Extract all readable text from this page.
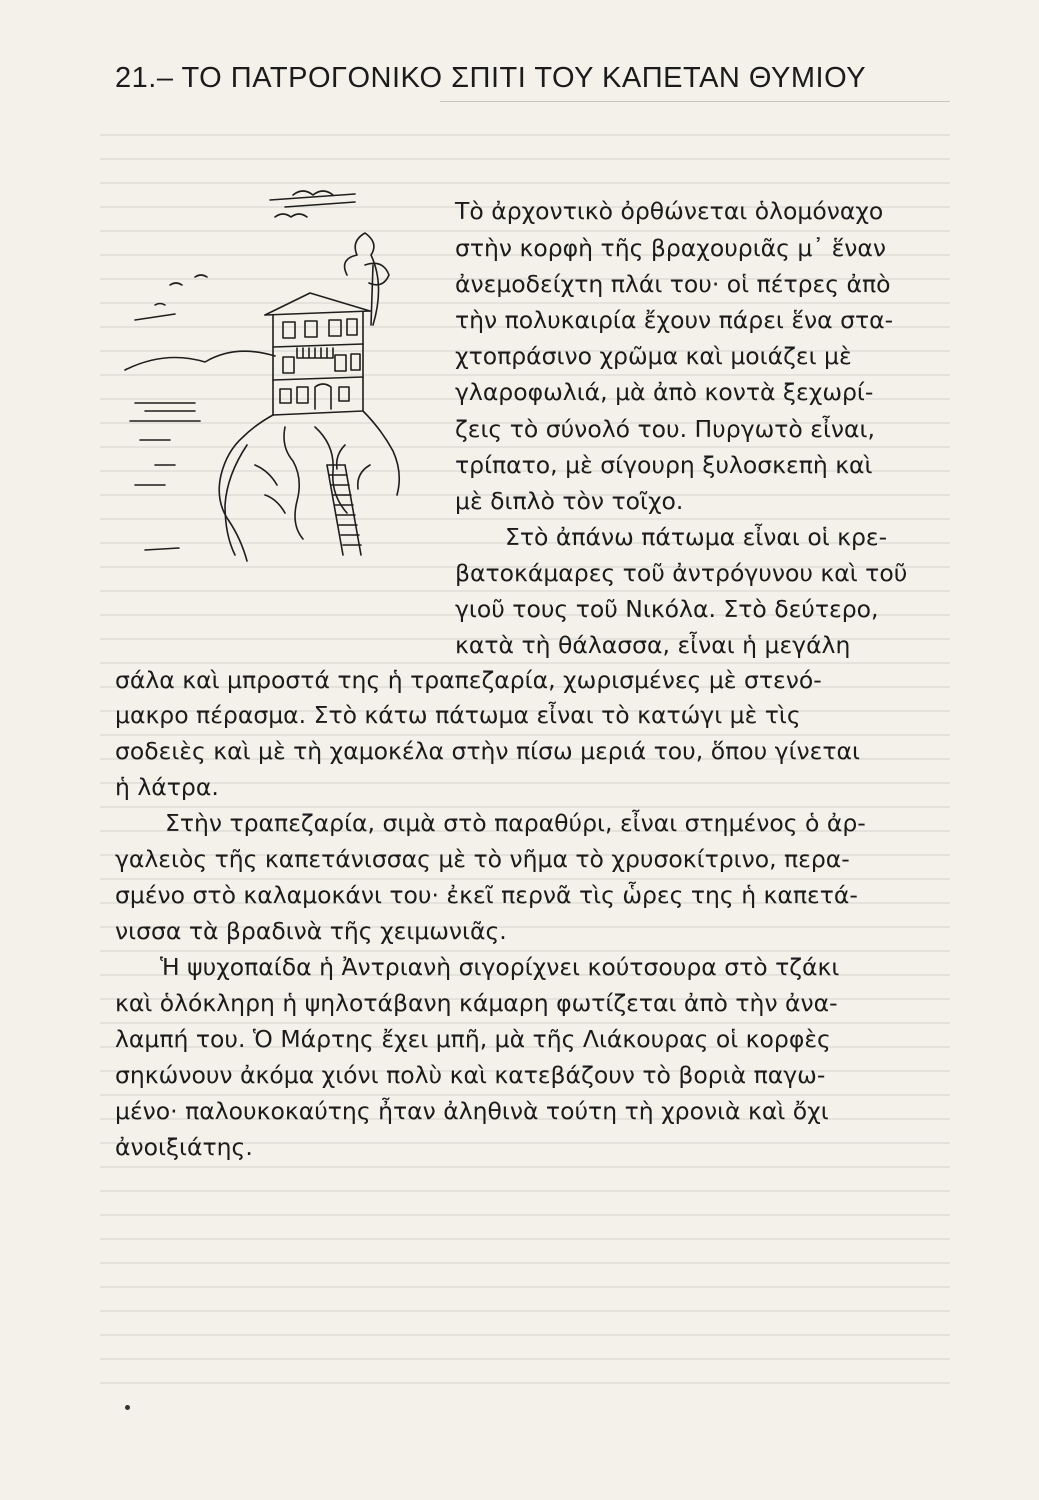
21.– ΤΟ ΠΑΤΡΟΓΟΝΙΚΟ ΣΠΙΤΙ ΤΟΥ ΚΑΠΕΤΑΝ ΘΥΜΙΟΥ

Τὸ ἀρχοντικὸ ὀρθώνεται ὁλομόναχο

στὴν κορφὴ τῆς βραχουριᾶς μ᾿ ἕναν

ἀνεμοδείχτη πλάι του· οἱ πέτρες ἀπὸ

τὴν πολυκαιρία ἔχουν πάρει ἕνα στα-

χτοπράσινο χρῶμα καὶ μοιάζει μὲ

γλαροφωλιά, μὰ ἀπὸ κοντὰ ξεχωρί-

ζεις τὸ σύνολό του. Πυργωτὸ εἶναι,

τρίπατο, μὲ σίγουρη ξυλοσκεπὴ καὶ

μὲ διπλὸ τὸν τοῖχο.

Στὸ ἀπάνω πάτωμα εἶναι οἱ κρε-

βατοκάμαρες τοῦ ἀντρόγυνου καὶ τοῦ

γιοῦ τους τοῦ Νικόλα. Στὸ δεύτερο,

κατὰ τὴ θάλασσα, εἶναι ἡ μεγάλη

σάλα καὶ μπροστά της ἡ τραπεζαρία, χωρισμένες μὲ στενό-

μακρο πέρασμα. Στὸ κάτω πάτωμα εἶναι τὸ κατώγι μὲ τὶς

σοδειὲς καὶ μὲ τὴ χαμοκέλα στὴν πίσω μεριά του, ὅπου γίνεται

ἡ λάτρα.

Στὴν τραπεζαρία, σιμὰ στὸ παραθύρι, εἶναι στημένος ὁ ἀρ-

γαλειὸς τῆς καπετάνισσας μὲ τὸ νῆμα τὸ χρυσοκίτρινο, περα-

σμένο στὸ καλαμοκάνι του· ἐκεῖ περνᾶ τὶς ὧρες της ἡ καπετά-

νισσα τὰ βραδινὰ τῆς χειμωνιᾶς.

Ἡ ψυχοπαίδα ἡ Ἀντριανὴ σιγορίχνει κούτσουρα στὸ τζάκι

καὶ ὁλόκληρη ἡ ψηλοτάβανη κάμαρη φωτίζεται ἀπὸ τὴν ἀνα-

λαμπή του. Ὁ Μάρτης ἔχει μπῆ, μὰ τῆς Λιάκουρας οἱ κορφὲς

σηκώνουν ἀκόμα χιόνι πολὺ καὶ κατεβάζουν τὸ βοριὰ παγω-

μένο· παλουκοκαύτης ἦταν ἀληθινὰ τούτη τὴ χρονιὰ καὶ ὄχι

ἀνοιξιάτης.
